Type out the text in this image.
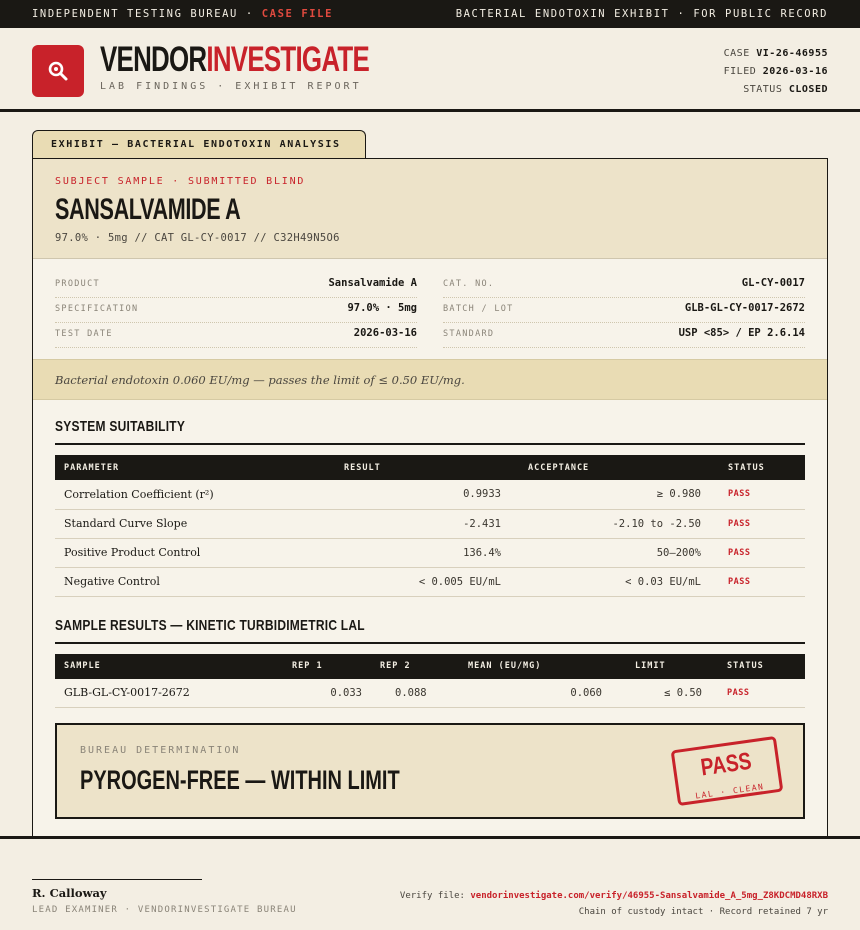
INDEPENDENT TESTING BUREAU · CASE FILE	BACTERIAL ENDOTOXIN EXHIBIT · FOR PUBLIC RECORD
VENDORINVESTIGATE
LAB FINDINGS · EXHIBIT REPORT
CASE VI-26-46955
FILED 2026-03-16
STATUS CLOSED
EXHIBIT — BACTERIAL ENDOTOXIN ANALYSIS
SUBJECT SAMPLE · SUBMITTED BLIND
SANSALVAMIDE A
97.0% · 5mg // CAT GL-CY-0017 // C32H49N5O6
PRODUCT	Sansalvamide A
SPECIFICATION	97.0% · 5mg
TEST DATE	2026-03-16
CAT. NO.	GL-CY-0017
BATCH / LOT	GLB-GL-CY-0017-2672
STANDARD	USP <85> / EP 2.6.14
Bacterial endotoxin 0.060 EU/mg — passes the limit of ≤ 0.50 EU/mg.
SYSTEM SUITABILITY
PARAMETER	RESULT	ACCEPTANCE	STATUS
Correlation Coefficient (r²)	0.9933	≥ 0.980	PASS
Standard Curve Slope	-2.431	-2.10 to -2.50	PASS
Positive Product Control	136.4%	50–200%	PASS
Negative Control	< 0.005 EU/mL	< 0.03 EU/mL	PASS
SAMPLE RESULTS — KINETIC TURBIDIMETRIC LAL
SAMPLE	REP 1	REP 2	MEAN (EU/MG)	LIMIT	STATUS
GLB-GL-CY-0017-2672	0.033	0.088	0.060	≤ 0.50	PASS
BUREAU DETERMINATION
PYROGEN-FREE — WITHIN LIMIT	PASS
LAL · CLEAN
R. Calloway
LEAD EXAMINER · VENDORINVESTIGATE BUREAU
Verify file: vendorinvestigate.com/verify/46955-Sansalvamide_A_5mg_Z8KDCMD48RXB
Chain of custody intact · Record retained 7 yr
